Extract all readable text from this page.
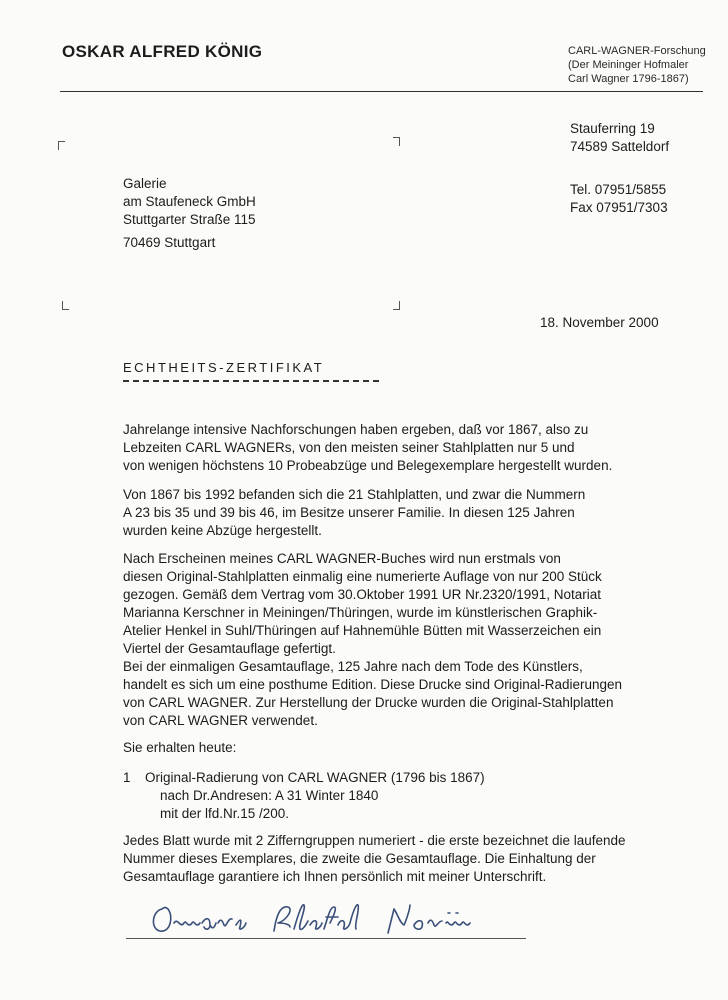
OSKAR ALFRED KÖNIG	CARL-WAGNER-Forschung
(Der Meininger Hofmaler
Carl Wagner 1796-1867)
Stauferring 19
74589 Satteldorf
Tel. 07951/5855
Fax 07951/7303
Galerie
am Staufeneck GmbH
Stuttgarter Straße 115
70469 Stuttgart
18. November 2000
ECHTHEITS-ZERTIFIKAT
Jahrelange intensive Nachforschungen haben ergeben, daß vor 1867, also zu
Lebzeiten CARL WAGNERs, von den meisten seiner Stahlplatten nur 5 und
von wenigen höchstens 10 Probeabzüge und Belegexemplare hergestellt wurden.
Von 1867 bis 1992 befanden sich die 21 Stahlplatten, und zwar die Nummern
A 23 bis 35 und 39 bis 46, im Besitze unserer Familie. In diesen 125 Jahren
wurden keine Abzüge hergestellt.
Nach Erscheinen meines CARL WAGNER-Buches wird nun erstmals von
diesen Original-Stahlplatten einmalig eine numerierte Auflage von nur 200 Stück
gezogen. Gemäß dem Vertrag vom 30.Oktober 1991 UR Nr.2320/1991, Notariat
Marianna Kerschner in Meiningen/Thüringen, wurde im künstlerischen Graphik-
Atelier Henkel in Suhl/Thüringen auf Hahnemühle Bütten mit Wasserzeichen ein
Viertel der Gesamtauflage gefertigt.
Bei der einmaligen Gesamtauflage, 125 Jahre nach dem Tode des Künstlers,
handelt es sich um eine posthume Edition. Diese Drucke sind Original-Radierungen
von CARL WAGNER. Zur Herstellung der Drucke wurden die Original-Stahlplatten
von CARL WAGNER verwendet.
Sie erhalten heute:
1 Original-Radierung von CARL WAGNER (1796 bis 1867)
nach Dr.Andresen: A 31 Winter 1840
mit der lfd.Nr.15 /200.
Jedes Blatt wurde mit 2 Zifferngruppen numeriert - die erste bezeichnet die laufende
Nummer dieses Exemplares, die zweite die Gesamtauflage. Die Einhaltung der
Gesamtauflage garantiere ich Ihnen persönlich mit meiner Unterschrift.
